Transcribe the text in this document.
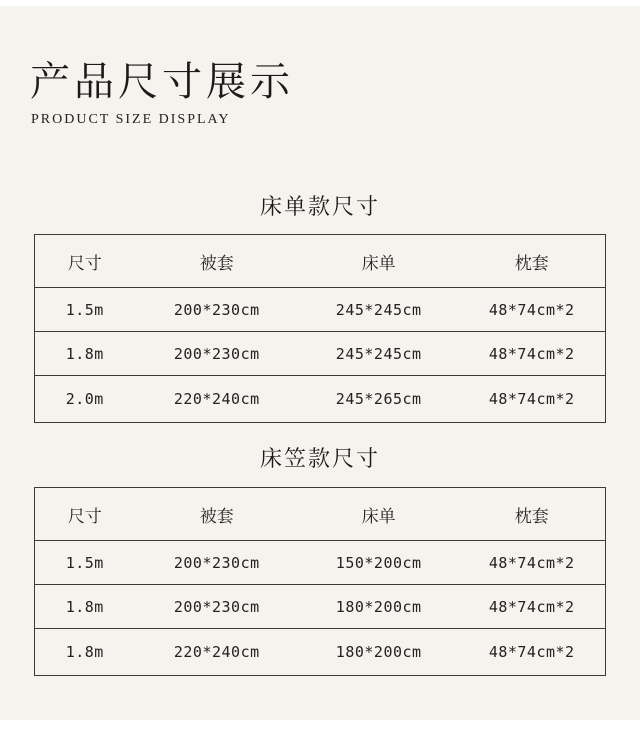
产品尺寸展示
PRODUCT SIZE DISPLAY
床单款尺寸
尺寸	被套	床单	枕套
1.5m	200*230cm	245*245cm	48*74cm*2
1.8m	200*230cm	245*245cm	48*74cm*2
2.0m	220*240cm	245*265cm	48*74cm*2
床笠款尺寸
尺寸	被套	床单	枕套
1.5m	200*230cm	150*200cm	48*74cm*2
1.8m	200*230cm	180*200cm	48*74cm*2
1.8m	220*240cm	180*200cm	48*74cm*2
